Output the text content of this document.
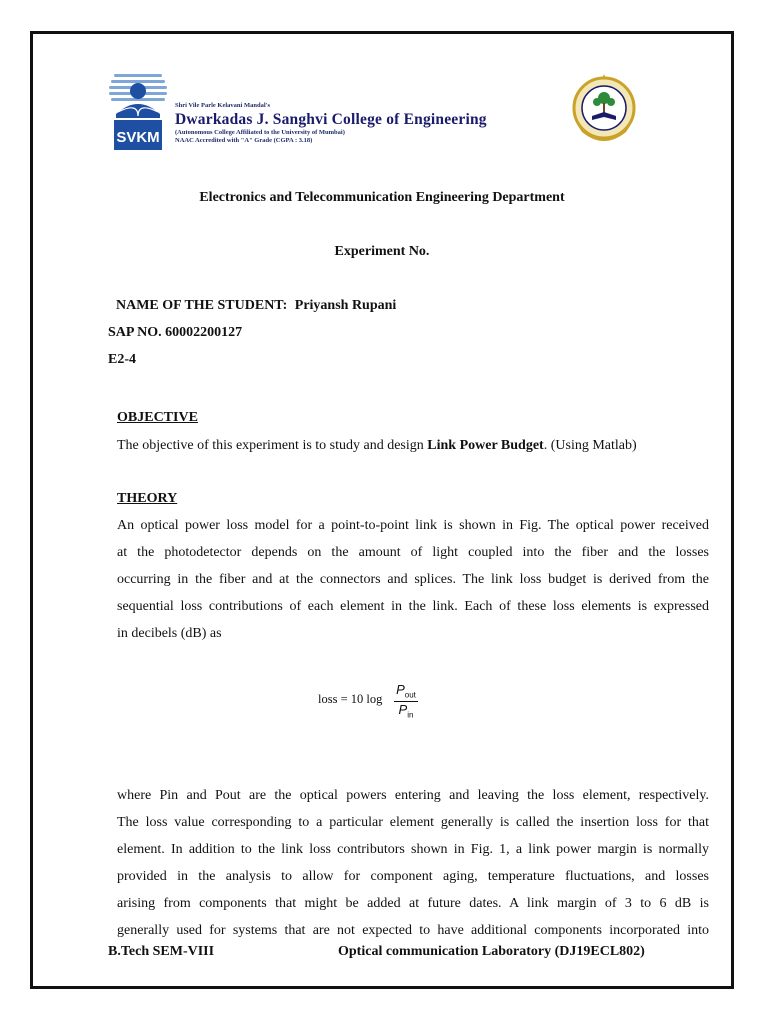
SVKM
Shri Vile Parle Kelavani Mandal's
Dwarkadas J. Sanghvi College of Engineering
(Autonomous College Affiliated to the University of Mumbai)
NAAC Accredited with "A" Grade (CGPA : 3.18)
Electronics and Telecommunication Engineering Department
Experiment No.
NAME OF THE STUDENT: Priyansh Rupani
SAP NO. 60002200127
E2-4
OBJECTIVE
The objective of this experiment is to study and design Link Power Budget. (Using Matlab)
THEORY
An optical power loss model for a point-to-point link is shown in Fig. The optical power received
at the photodetector depends on the amount of light coupled into the fiber and the losses
occurring in the fiber and at the connectors and splices. The link loss budget is derived from the
sequential loss contributions of each element in the link. Each of these loss elements is expressed
in decibels (dB) as
loss = 10 log
$P_{out}$
$P_{in}$
where Pin and Pout are the optical powers entering and leaving the loss element, respectively.
The loss value corresponding to a particular element generally is called the insertion loss for that
element. In addition to the link loss contributors shown in Fig. 1, a link power margin is normally
provided in the analysis to allow for component aging, temperature fluctuations, and losses
arising from components that might be added at future dates. A link margin of 3 to 6 dB is
generally used for systems that are not expected to have additional components incorporated into
B.Tech SEM-VIII	Optical communication Laboratory (DJ19ECL802)
